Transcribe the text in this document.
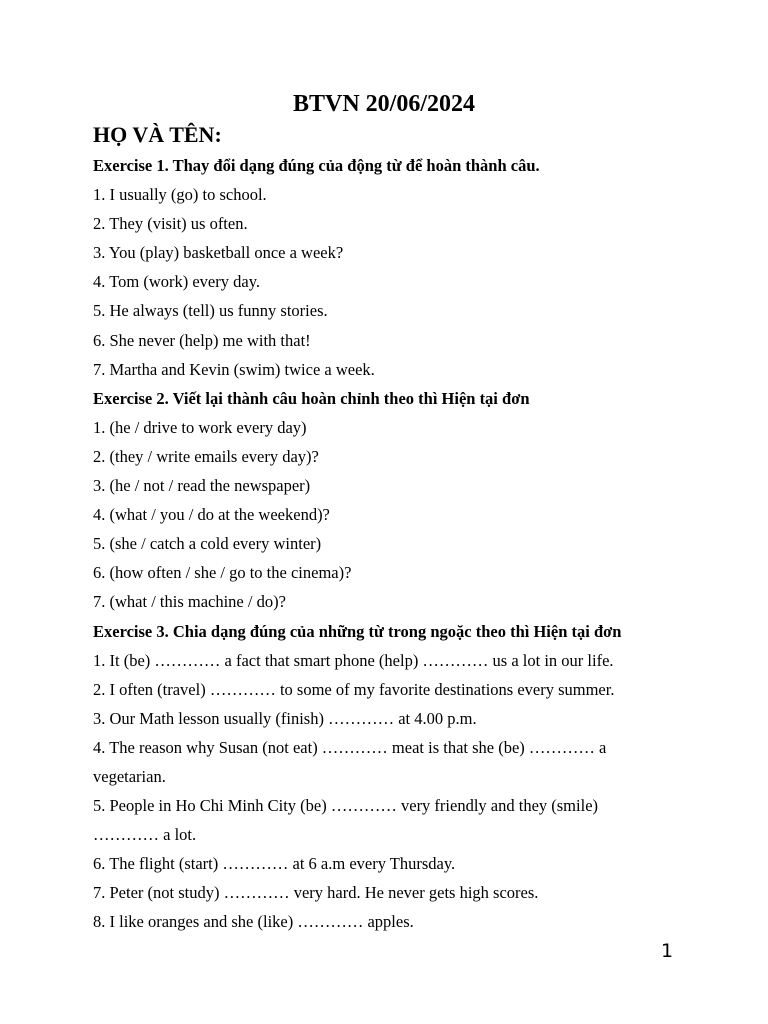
BTVN 20/06/2024
HỌ VÀ TÊN:
Exercise 1. Thay đổi dạng đúng của động từ để hoàn thành câu.
1. I usually (go) to school.
2. They (visit) us often.
3. You (play) basketball once a week?
4. Tom (work) every day.
5. He always (tell) us funny stories.
6. She never (help) me with that!
7. Martha and Kevin (swim) twice a week.
Exercise 2. Viết lại thành câu hoàn chỉnh theo thì Hiện tại đơn
1. (he / drive to work every day)
2. (they / write emails every day)?
3. (he / not / read the newspaper)
4. (what / you / do at the weekend)?
5. (she / catch a cold every winter)
6. (how often / she / go to the cinema)?
7. (what / this machine / do)?
Exercise 3. Chia dạng đúng của những từ trong ngoặc theo thì Hiện tại đơn
1. It (be) ………… a fact that smart phone (help) ………… us a lot in our life.
2. I often (travel) ………… to some of my favorite destinations every summer.
3. Our Math lesson usually (finish) ………… at 4.00 p.m.
4. The reason why Susan (not eat) ………… meat is that she (be) ………… a
vegetarian.
5. People in Ho Chi Minh City (be) ………… very friendly and they (smile)
………… a lot.
6. The flight (start) ………… at 6 a.m every Thursday.
7. Peter (not study) ………… very hard. He never gets high scores.
8. I like oranges and she (like) ………… apples.
1
